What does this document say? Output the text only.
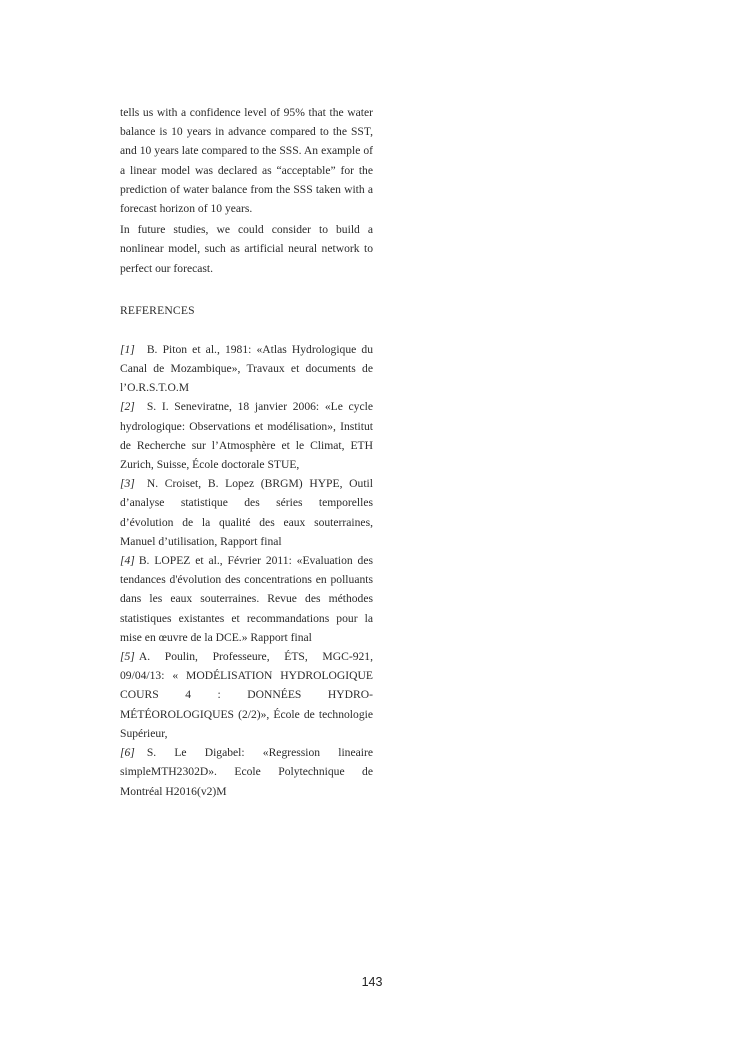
tells us with a confidence level of 95% that the water balance is 10 years in advance compared to the SST, and 10 years late compared to the SSS. An example of a linear model was declared as “acceptable” for the prediction of water balance from the SSS taken with a forecast horizon of 10 years.

In future studies, we could consider to build a nonlinear model, such as artificial neural network to perfect our forecast.

REFERENCES

[1] B. Piton et al., 1981: «Atlas Hydrologique du Canal de Mozambique», Travaux et documents de l’O.R.S.T.O.M

[2] S. I. Seneviratne, 18 janvier 2006: «Le cycle hydrologique: Observations et modélisation», Institut de Recherche sur l’Atmosphère et le Climat, ETH Zurich, Suisse, École doctorale STUE,

[3] N. Croiset, B. Lopez (BRGM) HYPE, Outil d’analyse statistique des séries temporelles d’évolution de la qualité des eaux souterraines, Manuel d’utilisation, Rapport final

[4] B. LOPEZ et al., Février 2011: «Evaluation des tendances d'évolution des concentrations en polluants dans les eaux souterraines. Revue des méthodes statistiques existantes et recommandations pour la mise en œuvre de la DCE.» Rapport final

[5] A. Poulin, Professeure, ÉTS, MGC-921, 09/04/13: « MODÉLISATION HYDROLOGIQUE COURS 4 : DONNÉES HYDRO-MÉTÉOROLOGIQUES (2/2)», École de technologie Supérieur,

[6] S. Le Digabel: «Regression lineaire simpleMTH2302D». Ecole Polytechnique de Montréal H2016(v2)M

143
